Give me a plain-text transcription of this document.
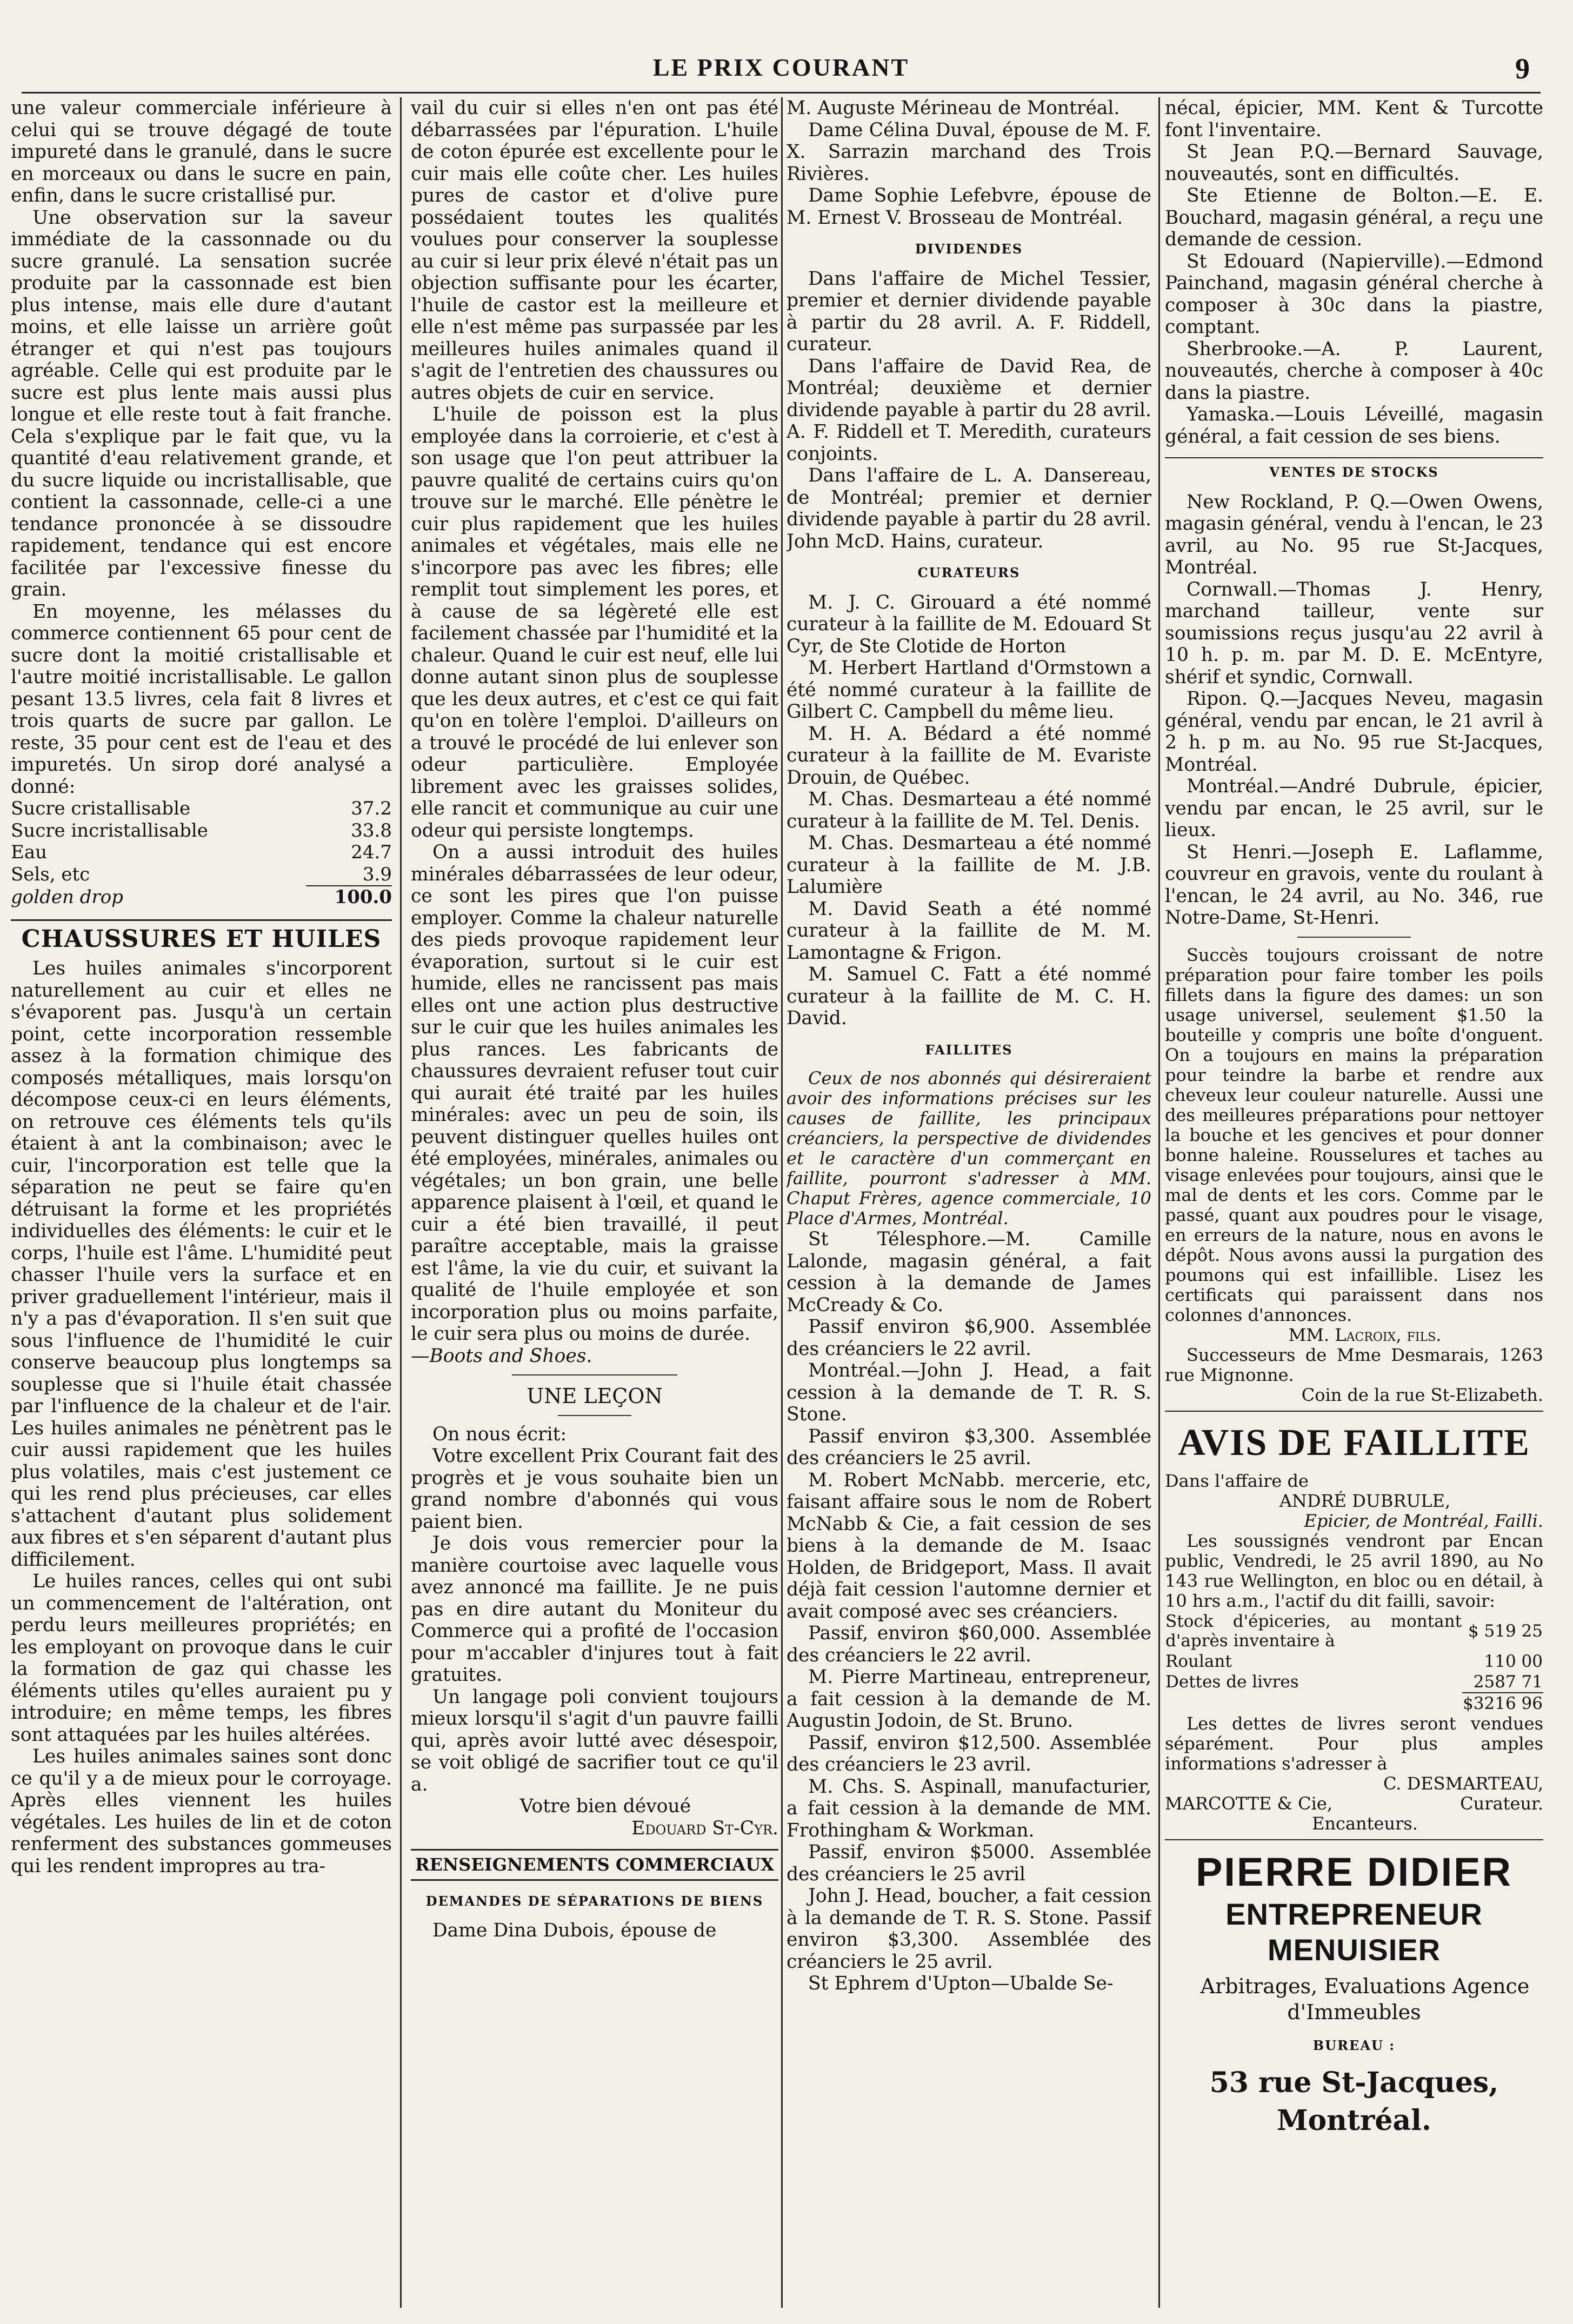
LE PRIX COURANT	9

une valeur commerciale inférieure à celui qui se trouve dégagé de toute impureté dans le granulé, dans le sucre en morceaux ou dans le sucre en pain, enfin, dans le sucre cristallisé pur.

Une observation sur la saveur immédiate de la cassonnade ou du sucre granulé. La sensation sucrée produite par la cassonnade est bien plus intense, mais elle dure d'autant moins, et elle laisse un arrière goût étranger et qui n'est pas toujours agréable. Celle qui est produite par le sucre est plus lente mais aussi plus longue et elle reste tout à fait franche. Cela s'explique par le fait que, vu la quantité d'eau relativement grande, et du sucre liquide ou incristallisable, que contient la cassonnade, celle-ci a une tendance prononcée à se dissoudre rapidement, tendance qui est encore facilitée par l'excessive finesse du grain.

En moyenne, les mélasses du commerce contiennent 65 pour cent de sucre dont la moitié cristallisable et l'autre moitié incristallisable. Le gallon pesant 13.5 livres, cela fait 8 livres et trois quarts de sucre par gallon. Le reste, 35 pour cent est de l'eau et des impuretés. Un sirop doré analysé a donné:

Sucre cristallisable	37.2
Sucre incristallisable	33.8
Eau	24.7
Sels, etc	3.9
golden drop	100.0
CHAUSSURES ET HUILES

Les huiles animales s'incorporent naturellement au cuir et elles ne s'évaporent pas. Jusqu'à un certain point, cette incorporation ressemble assez à la formation chimique des composés métalliques, mais lorsqu'on décompose ceux-ci en leurs éléments, on retrouve ces éléments tels qu'ils étaient à ant la combinaison; avec le cuir, l'incorporation est telle que la séparation ne peut se faire qu'en détruisant la forme et les propriétés individuelles des éléments: le cuir et le corps, l'huile est l'âme. L'humidité peut chasser l'huile vers la surface et en priver graduellement l'intérieur, mais il n'y a pas d'évaporation. Il s'en suit que sous l'influence de l'humidité le cuir conserve beaucoup plus longtemps sa souplesse que si l'huile était chassée par l'influence de la chaleur et de l'air. Les huiles animales ne pénètrent pas le cuir aussi rapidement que les huiles plus volatiles, mais c'est justement ce qui les rend plus précieuses, car elles s'attachent d'autant plus solidement aux fibres et s'en séparent d'autant plus difficilement.

Le huiles rances, celles qui ont subi un commencement de l'altération, ont perdu leurs meilleures propriétés; en les employant on provoque dans le cuir la formation de gaz qui chasse les éléments utiles qu'elles auraient pu y introduire; en même temps, les fibres sont attaquées par les huiles altérées.

Les huiles animales saines sont donc ce qu'il y a de mieux pour le corroyage. Après elles viennent les huiles végétales. Les huiles de lin et de coton renferment des substances gommeuses qui les rendent impropres au tra-

vail du cuir si elles n'en ont pas été débarrassées par l'épuration. L'huile de coton épurée est excellente pour le cuir mais elle coûte cher. Les huiles pures de castor et d'olive pure possédaient toutes les qualités voulues pour conserver la souplesse au cuir si leur prix élevé n'était pas un objection suffisante pour les écarter, l'huile de castor est la meilleure et elle n'est même pas surpassée par les meilleures huiles animales quand il s'agit de l'entretien des chaussures ou autres objets de cuir en service.

L'huile de poisson est la plus employée dans la corroierie, et c'est à son usage que l'on peut attribuer la pauvre qualité de certains cuirs qu'on trouve sur le marché. Elle pénètre le cuir plus rapidement que les huiles animales et végétales, mais elle ne s'incorpore pas avec les fibres; elle remplit tout simplement les pores, et à cause de sa légèreté elle est facilement chassée par l'humidité et la chaleur. Quand le cuir est neuf, elle lui donne autant sinon plus de souplesse que les deux autres, et c'est ce qui fait qu'on en tolère l'emploi. D'ailleurs on a trouvé le procédé de lui enlever son odeur particulière. Employée librement avec les graisses solides, elle rancit et communique au cuir une odeur qui persiste longtemps.

On a aussi introduit des huiles minérales débarrassées de leur odeur, ce sont les pires que l'on puisse employer. Comme la chaleur naturelle des pieds provoque rapidement leur évaporation, surtout si le cuir est humide, elles ne rancissent pas mais elles ont une action plus destructive sur le cuir que les huiles animales les plus rances. Les fabricants de chaussures devraient refuser tout cuir qui aurait été traité par les huiles minérales: avec un peu de soin, ils peuvent distinguer quelles huiles ont été employées, minérales, animales ou végétales; un bon grain, une belle apparence plaisent à l'œil, et quand le cuir a été bien travaillé, il peut paraître acceptable, mais la graisse est l'âme, la vie du cuir, et suivant la qualité de l'huile employée et son incorporation plus ou moins parfaite, le cuir sera plus ou moins de durée.

—Boots and Shoes.

UNE LEÇON

On nous écrit:

Votre excellent Prix Courant fait des progrès et je vous souhaite bien un grand nombre d'abonnés qui vous paient bien.

Je dois vous remercier pour la manière courtoise avec laquelle vous avez annoncé ma faillite. Je ne puis pas en dire autant du Moniteur du Commerce qui a profité de l'occasion pour m'accabler d'injures tout à fait gratuites.

Un langage poli convient toujours mieux lorsqu'il s'agit d'un pauvre failli qui, après avoir lutté avec désespoir, se voit obligé de sacrifier tout ce qu'il a.

Votre bien dévoué

Edouard St-Cyr.

RENSEIGNEMENTS COMMERCIAUX
DEMANDES DE SÉPARATIONS DE BIENS

Dame Dina Dubois, épouse de

M. Auguste Mérineau de Montréal.

Dame Célina Duval, épouse de M. F. X. Sarrazin marchand des Trois Rivières.

Dame Sophie Lefebvre, épouse de M. Ernest V. Brosseau de Montréal.

DIVIDENDES

Dans l'affaire de Michel Tessier, premier et dernier dividende payable à partir du 28 avril. A. F. Riddell, curateur.

Dans l'affaire de David Rea, de Montréal; deuxième et dernier dividende payable à partir du 28 avril. A. F. Riddell et T. Meredith, curateurs conjoints.

Dans l'affaire de L. A. Dansereau, de Montréal; premier et dernier dividende payable à partir du 28 avril. John McD. Hains, curateur.

CURATEURS

M. J. C. Girouard a été nommé curateur à la faillite de M. Edouard St Cyr, de Ste Clotide de Horton

M. Herbert Hartland d'Ormstown a été nommé curateur à la faillite de Gilbert C. Campbell du même lieu.

M. H. A. Bédard a été nommé curateur à la faillite de M. Evariste Drouin, de Québec.

M. Chas. Desmarteau a été nommé curateur à la faillite de M. Tel. Denis.

M. Chas. Desmarteau a été nommé curateur à la faillite de M. J.B. Lalumière

M. David Seath a été nommé curateur à la faillite de M. M. Lamontagne & Frigon.

M. Samuel C. Fatt a été nommé curateur à la faillite de M. C. H. David.

FAILLITES

Ceux de nos abonnés qui désireraient avoir des informations précises sur les causes de faillite, les principaux créanciers, la perspective de dividendes et le caractère d'un commerçant en faillite, pourront s'adresser à MM. Chaput Frères, agence commerciale, 10 Place d'Armes, Montréal.

St Télesphore.—M. Camille Lalonde, magasin général, a fait cession à la demande de James McCready & Co.

Passif environ $6,900. Assemblée des créanciers le 22 avril.

Montréal.—John J. Head, a fait cession à la demande de T. R. S. Stone.

Passif environ $3,300. Assemblée des créanciers le 25 avril.

M. Robert McNabb. mercerie, etc, faisant affaire sous le nom de Robert McNabb & Cie, a fait cession de ses biens à la demande de M. Isaac Holden, de Bridgeport, Mass. Il avait déjà fait cession l'automne dernier et avait composé avec ses créanciers.

Passif, environ $60,000. Assemblée des créanciers le 22 avril.

M. Pierre Martineau, entrepreneur, a fait cession à la demande de M. Augustin Jodoin, de St. Bruno.

Passif, environ $12,500. Assemblée des créanciers le 23 avril.

M. Chs. S. Aspinall, manufacturier, a fait cession à la demande de MM. Frothingham & Workman.

Passif, environ $5000. Assemblée des créanciers le 25 avril

John J. Head, boucher, a fait cession à la demande de T. R. S. Stone. Passif environ $3,300. Assemblée des créanciers le 25 avril.

St Ephrem d'Upton—Ubalde Se-

nécal, épicier, MM. Kent & Turcotte font l'inventaire.

St Jean P.Q.—Bernard Sauvage, nouveautés, sont en difficultés.

Ste Etienne de Bolton.—E. E. Bouchard, magasin général, a reçu une demande de cession.

St Edouard (Napierville).—Edmond Painchand, magasin général cherche à composer à 30c dans la piastre, comptant.

Sherbrooke.—A. P. Laurent, nouveautés, cherche à composer à 40c dans la piastre.

Yamaska.—Louis Léveillé, magasin général, a fait cession de ses biens.

VENTES DE STOCKS

New Rockland, P. Q.—Owen Owens, magasin général, vendu à l'encan, le 23 avril, au No. 95 rue St-Jacques, Montréal.

Cornwall.—Thomas J. Henry, marchand tailleur, vente sur soumissions reçus jusqu'au 22 avril à 10 h. p. m. par M. D. E. McEntyre, shérif et syndic, Cornwall.

Ripon. Q.—Jacques Neveu, magasin général, vendu par encan, le 21 avril à 2 h. p m. au No. 95 rue St-Jacques, Montréal.

Montréal.—André Dubrule, épicier, vendu par encan, le 25 avril, sur le lieux.

St Henri.—Joseph E. Laflamme, couvreur en gravois, vente du roulant à l'encan, le 24 avril, au No. 346, rue Notre-Dame, St-Henri.

Succès toujours croissant de notre préparation pour faire tomber les poils fillets dans la figure des dames: un son usage universel, seulement $1.50 la bouteille y compris une boîte d'onguent. On a toujours en mains la préparation pour teindre la barbe et rendre aux cheveux leur couleur naturelle. Aussi une des meilleures préparations pour nettoyer la bouche et les gencives et pour donner bonne haleine. Rousselures et taches au visage enlevées pour toujours, ainsi que le mal de dents et les cors. Comme par le passé, quant aux poudres pour le visage, en erreurs de la nature, nous en avons le dépôt. Nous avons aussi la purgation des poumons qui est infaillible. Lisez les certificats qui paraissent dans nos colonnes d'annonces.

MM. Lacroix, fils.

Successeurs de Mme Desmarais, 1263 rue Mignonne.

Coin de la rue St-Elizabeth.

AVIS DE FAILLITE

Dans l'affaire de

ANDRÉ DUBRULE,

Epicier, de Montréal, Failli.

Les soussignés vendront par Encan public, Vendredi, le 25 avril 1890, au No 143 rue Wellington, en bloc ou en détail, à 10 hrs a.m., l'actif du dit failli, savoir:

Stock d'épiceries, au montant d'après inventaire à	$ 519 25
Roulant	110 00
Dettes de livres	2587 71
	$3216 96

Les dettes de livres seront vendues séparément. Pour plus amples informations s'adresser à

C. DESMARTEAU,

MARCOTTE & Cie,	Curateur.

Encanteurs.

PIERRE DIDIER
ENTREPRENEUR MENUISIER

Arbitrages, Evaluations Agence d'Immeubles

BUREAU :
53 rue St-Jacques, Montréal.
